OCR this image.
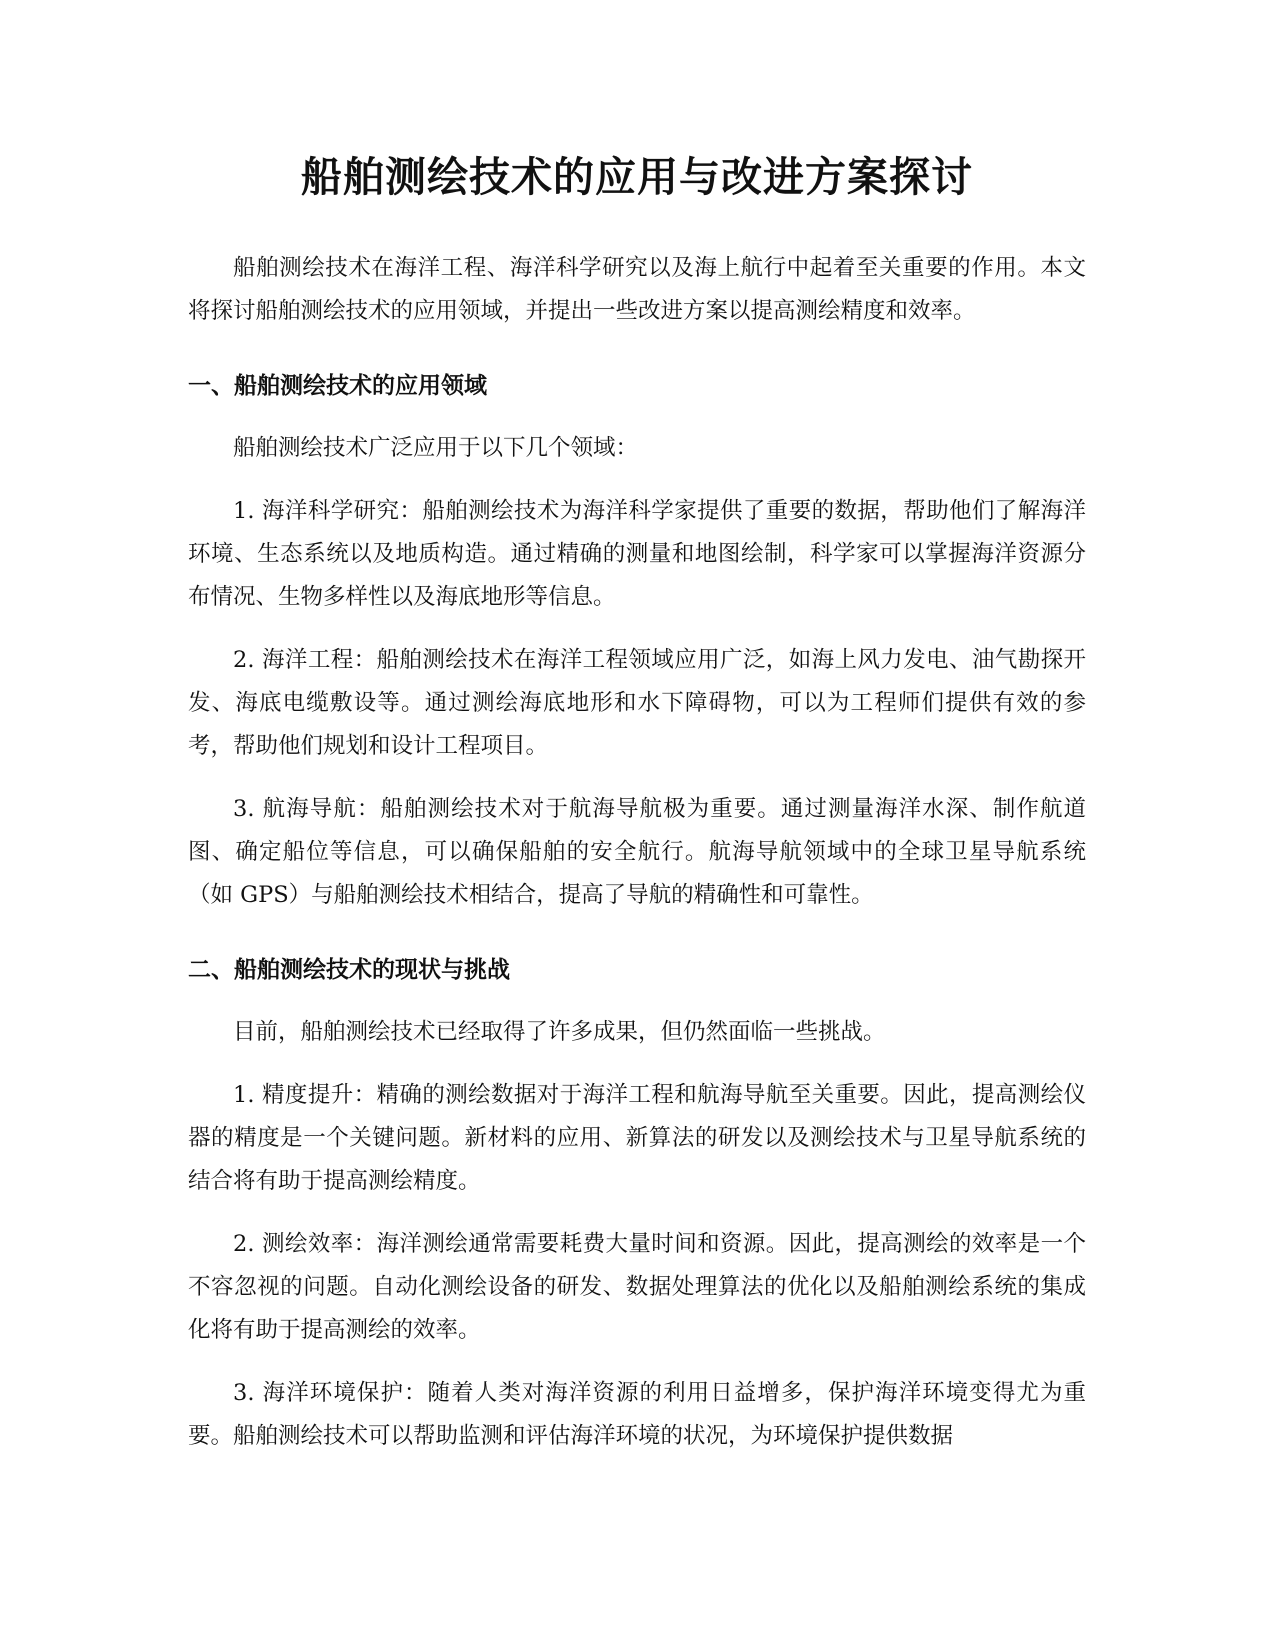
船舶测绘技术的应用与改进方案探讨

船舶测绘技术在海洋工程、海洋科学研究以及海上航行中起着至关重要的作用。本文将探讨船舶测绘技术的应用领域，并提出一些改进方案以提高测绘精度和效率。

一、船舶测绘技术的应用领域

船舶测绘技术广泛应用于以下几个领域：

1. 海洋科学研究：船舶测绘技术为海洋科学家提供了重要的数据，帮助他们了解海洋环境、生态系统以及地质构造。通过精确的测量和地图绘制，科学家可以掌握海洋资源分布情况、生物多样性以及海底地形等信息。

2. 海洋工程：船舶测绘技术在海洋工程领域应用广泛，如海上风力发电、油气勘探开发、海底电缆敷设等。通过测绘海底地形和水下障碍物，可以为工程师们提供有效的参考，帮助他们规划和设计工程项目。

3. 航海导航：船舶测绘技术对于航海导航极为重要。通过测量海洋水深、制作航道图、确定船位等信息，可以确保船舶的安全航行。航海导航领域中的全球卫星导航系统（如 GPS）与船舶测绘技术相结合，提高了导航的精确性和可靠性。

二、船舶测绘技术的现状与挑战

目前，船舶测绘技术已经取得了许多成果，但仍然面临一些挑战。

1. 精度提升：精确的测绘数据对于海洋工程和航海导航至关重要。因此，提高测绘仪器的精度是一个关键问题。新材料的应用、新算法的研发以及测绘技术与卫星导航系统的结合将有助于提高测绘精度。

2. 测绘效率：海洋测绘通常需要耗费大量时间和资源。因此，提高测绘的效率是一个不容忽视的问题。自动化测绘设备的研发、数据处理算法的优化以及船舶测绘系统的集成化将有助于提高测绘的效率。

3. 海洋环境保护：随着人类对海洋资源的利用日益增多，保护海洋环境变得尤为重要。船舶测绘技术可以帮助监测和评估海洋环境的状况，为环境保护提供数据
